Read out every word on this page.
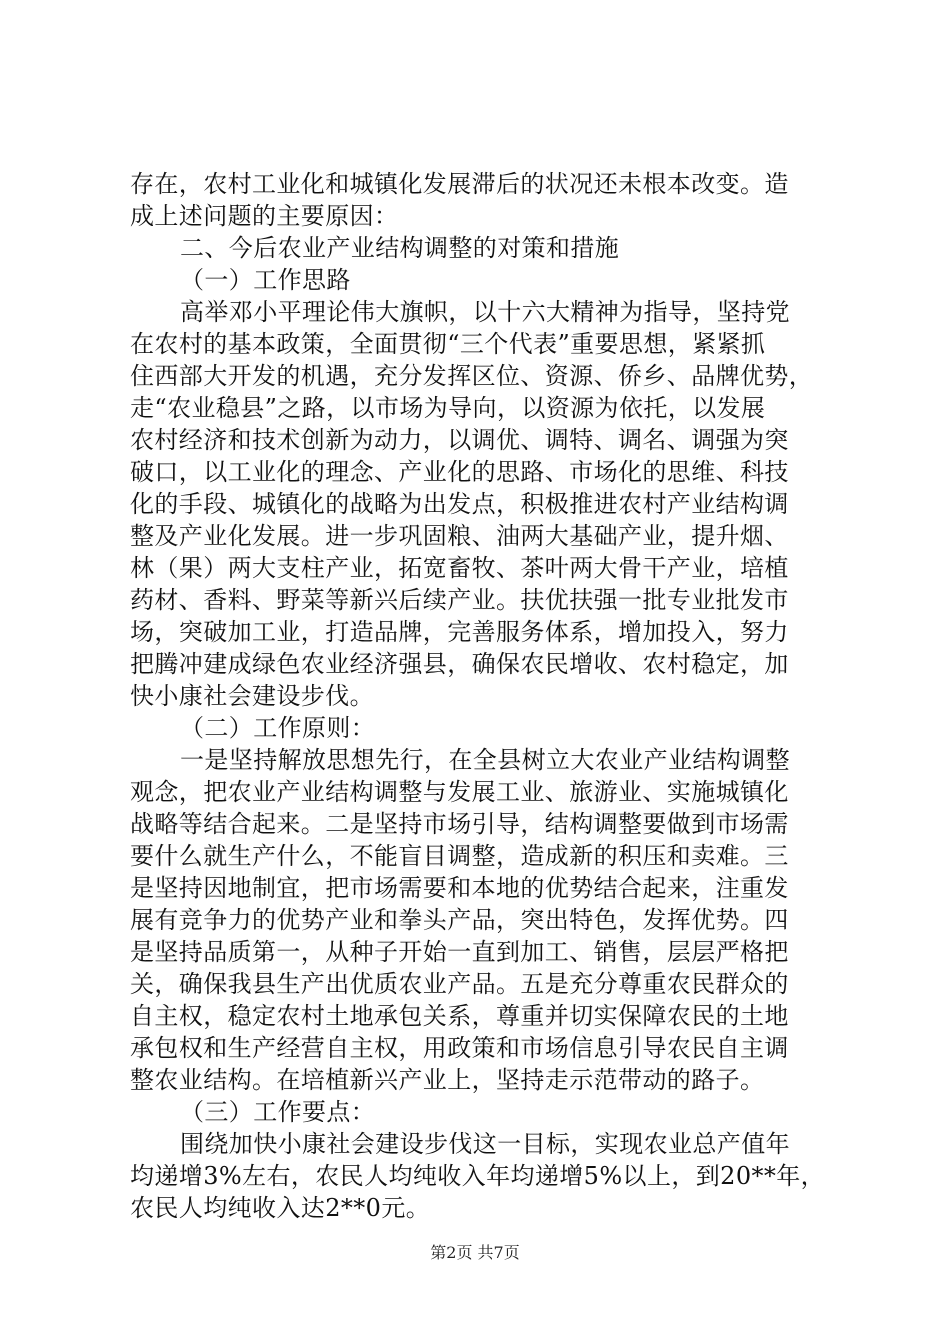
存在，农村工业化和城镇化发展滞后的状况还未根本改变。造
成上述问题的主要原因：
二、今后农业产业结构调整的对策和措施
（一）工作思路
高举邓小平理论伟大旗帜，以十六大精神为指导，坚持党
在农村的基本政策，全面贯彻“三个代表”重要思想，紧紧抓
住西部大开发的机遇，充分发挥区位、资源、侨乡、品牌优势，
走“农业稳县”之路，以市场为导向，以资源为依托，以发展
农村经济和技术创新为动力，以调优、调特、调名、调强为突
破口，以工业化的理念、产业化的思路、市场化的思维、科技
化的手段、城镇化的战略为出发点，积极推进农村产业结构调
整及产业化发展。进一步巩固粮、油两大基础产业，提升烟、
林（果）两大支柱产业，拓宽畜牧、茶叶两大骨干产业，培植
药材、香料、野菜等新兴后续产业。扶优扶强一批专业批发市
场，突破加工业，打造品牌，完善服务体系，增加投入，努力
把腾冲建成绿色农业经济强县，确保农民增收、农村稳定，加
快小康社会建设步伐。
（二）工作原则：
一是坚持解放思想先行，在全县树立大农业产业结构调整
观念，把农业产业结构调整与发展工业、旅游业、实施城镇化
战略等结合起来。二是坚持市场引导，结构调整要做到市场需
要什么就生产什么，不能盲目调整，造成新的积压和卖难。三
是坚持因地制宜，把市场需要和本地的优势结合起来，注重发
展有竞争力的优势产业和拳头产品，突出特色，发挥优势。四
是坚持品质第一，从种子开始一直到加工、销售，层层严格把
关，确保我县生产出优质农业产品。五是充分尊重农民群众的
自主权，稳定农村土地承包关系，尊重并切实保障农民的土地
承包权和生产经营自主权，用政策和市场信息引导农民自主调
整农业结构。在培植新兴产业上，坚持走示范带动的路子。
（三）工作要点：
围绕加快小康社会建设步伐这一目标，实现农业总产值年
均递增3%左右，农民人均纯收入年均递增5%以上，到20**年，
农民人均纯收入达2**0元。
第2页 共7页
